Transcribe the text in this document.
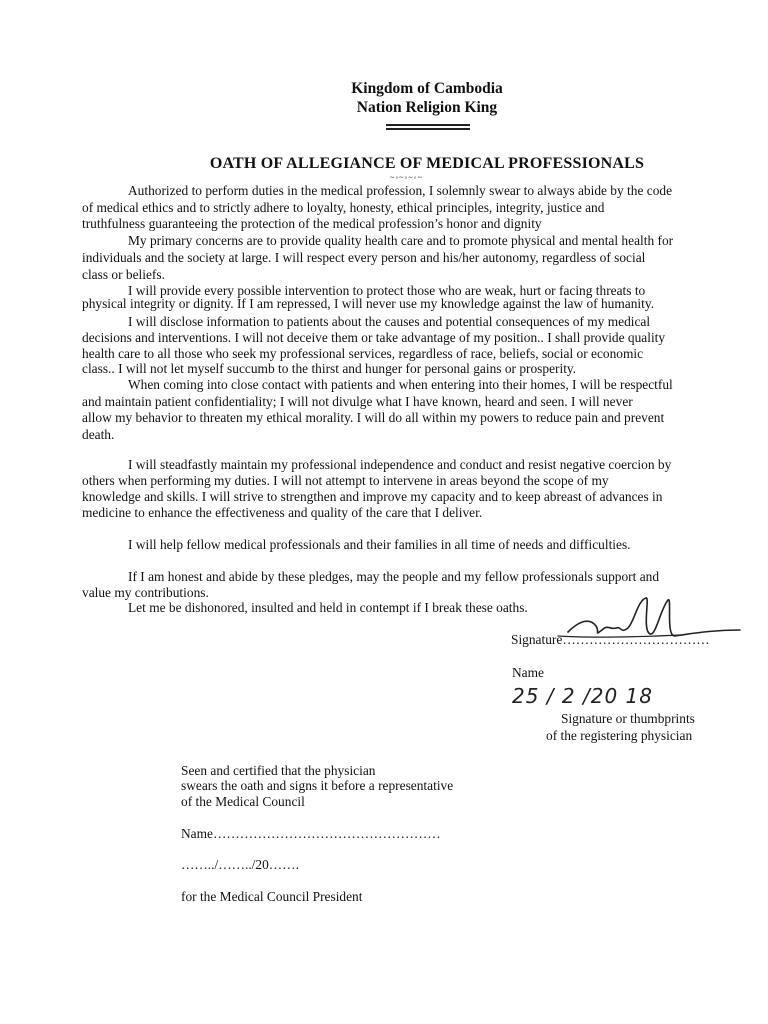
Kingdom of Cambodia
Nation Religion King
OATH OF ALLEGIANCE OF MEDICAL PROFESSIONALS
~◦~◦~◦~
Authorized to perform duties in the medical profession, I solemnly swear to always abide by the code
of medical ethics and to strictly adhere to loyalty, honesty, ethical principles, integrity, justice and
truthfulness guaranteeing the protection of the medical profession’s honor and dignity
My primary concerns are to provide quality health care and to promote physical and mental health for
individuals and the society at large. I will respect every person and his/her autonomy, regardless of social
class or beliefs.
I will provide every possible intervention to protect those who are weak, hurt or facing threats to
physical integrity or dignity. If I am repressed, I will never use my knowledge against the law of humanity.
I will disclose information to patients about the causes and potential consequences of my medical
decisions and interventions. I will not deceive them or take advantage of my position.. I shall provide quality
health care to all those who seek my professional services, regardless of race, beliefs, social or economic
class.. I will not let myself succumb to the thirst and hunger for personal gains or prosperity.
When coming into close contact with patients and when entering into their homes, I will be respectful
and maintain patient confidentiality; I will not divulge what I have known, heard and seen. I will never
allow my behavior to threaten my ethical morality. I will do all within my powers to reduce pain and prevent
death.
I will steadfastly maintain my professional independence and conduct and resist negative coercion by
others when performing my duties. I will not attempt to intervene in areas beyond the scope of my
knowledge and skills. I will strive to strengthen and improve my capacity and to keep abreast of advances in
medicine to enhance the effectiveness and quality of the care that I deliver.
I will help fellow medical professionals and their families in all time of needs and difficulties.
If I am honest and abide by these pledges, may the people and my fellow professionals support and
value my contributions.
Let me be dishonored, insulted and held in contempt if I break these oaths.
Signature……………………………
Name
25 / 2 /20 18
Signature or thumbprints
of the registering physician
Seen and certified that the physician
swears the oath and signs it before a representative
of the Medical Council
Name……………………………………………
……../……../20…….
for the Medical Council President
